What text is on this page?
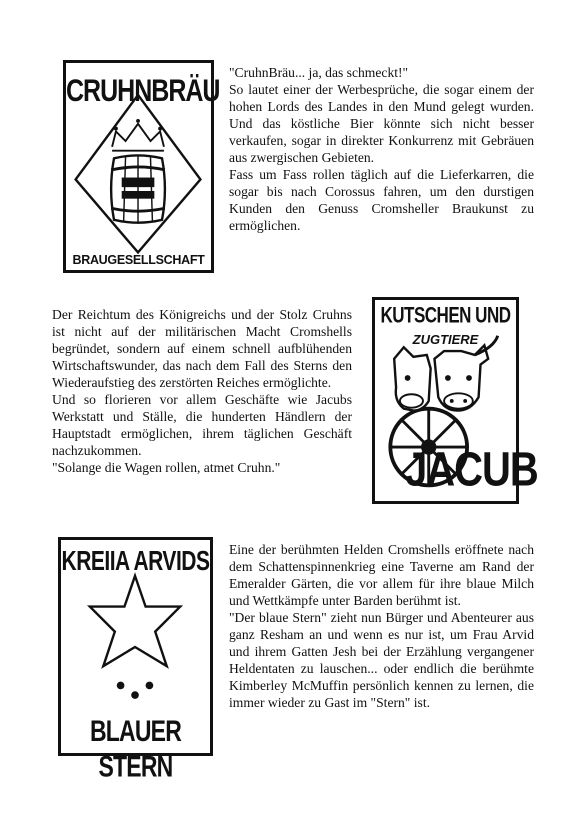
CRUHNBRÄU
BRAUGESELLSCHAFT

"CruhnBräu... ja, das schmeckt!"

So lautet einer der Werbesprüche, die sogar einem der hohen Lords des Landes in den Mund gelegt wurden. Und das köstliche Bier könnte sich nicht besser verkaufen, sogar in direkter Konkurrenz mit Gebräuen aus zwergischen Gebieten.

Fass um Fass rollen täglich auf die Lieferkarren, die sogar bis nach Corossus fahren, um den durstigen Kunden den Genuss Cromsheller Braukunst zu ermöglichen.

Der Reichtum des Königreichs und der Stolz Cruhns ist nicht auf der militärischen Macht Cromshells begründet, sondern auf einem schnell aufblühenden Wirtschaftswunder, das nach dem Fall des Sterns den Wiederaufstieg des zerstörten Reiches ermöglichte.

Und so florieren vor allem Geschäfte wie Jacubs Werkstatt und Ställe, die hunderten Händlern der Hauptstadt ermöglichen, ihrem täglichen Geschäft nachzukommen.

"Solange die Wagen rollen, atmet Cruhn."

KUTSCHEN UND
ZUGTIERE
JACUB
KREIIA ARVIDS
BLAUER STERN

Eine der berühmten Helden Cromshells eröffnete nach dem Schattenspinnenkrieg eine Taverne am Rand der Emeralder Gärten, die vor allem für ihre blaue Milch und Wettkämpfe unter Barden berühmt ist.

"Der blaue Stern" zieht nun Bürger und Abenteurer aus ganz Resham an und wenn es nur ist, um Frau Arvid und ihrem Gatten Jesh bei der Erzählung vergangener Heldentaten zu lauschen... oder endlich die berühmte Kimberley McMuffin persönlich kennen zu lernen, die immer wieder zu Gast im "Stern" ist.
